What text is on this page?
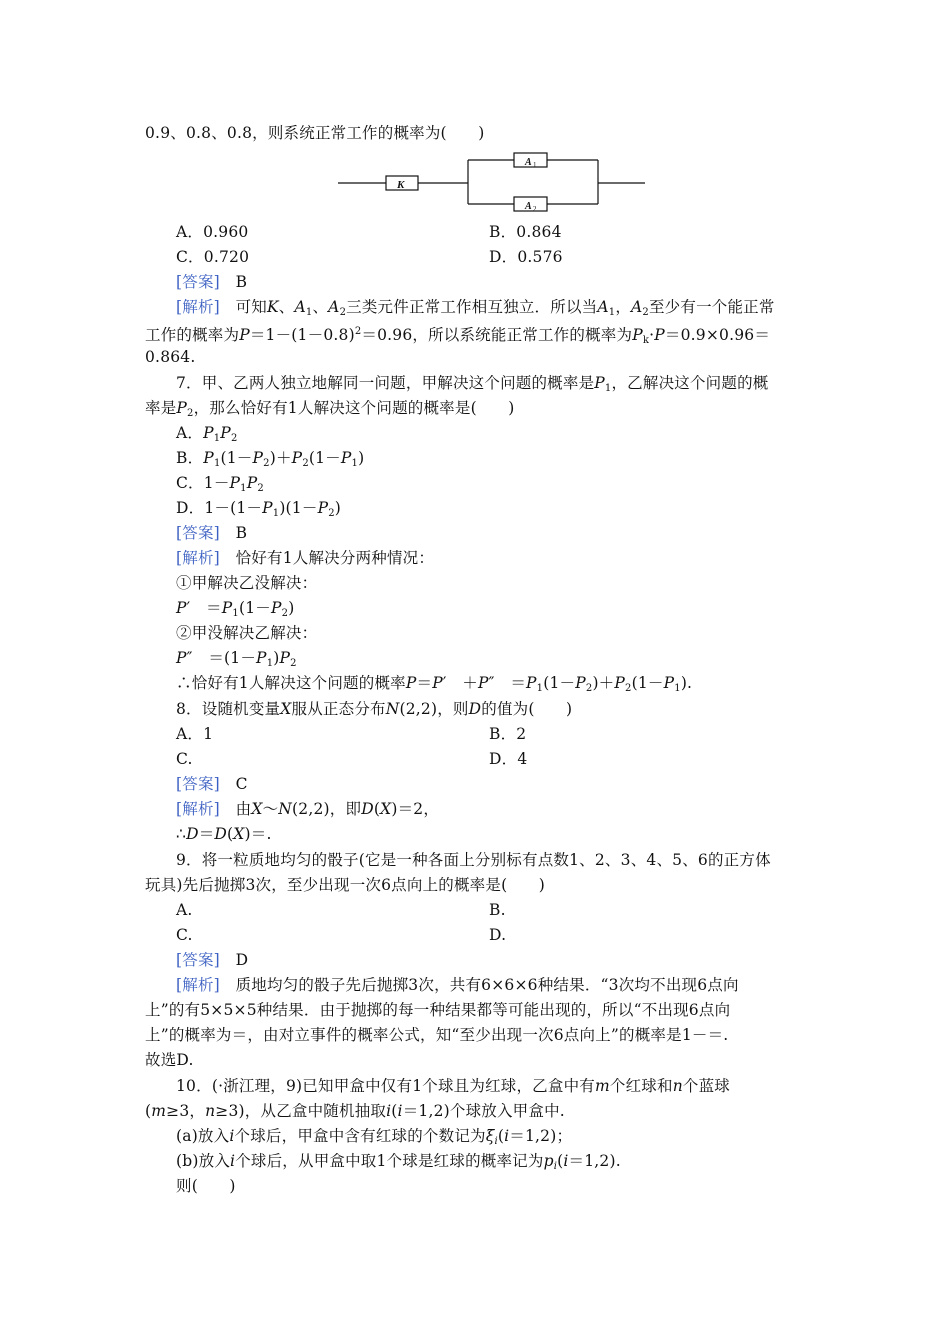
0.9、0.8、0.8，则系统正常工作的概率为(　　)
K
A 1
A 2
A．0.960	B．0.864
C．0.720	D．0.576
[答案]　 B
[解析]　可知K、$A_1$、$A_2$三类元件正常工作相互独立．所以当$A_1$，$A_2$至少有一个能正常
工作的概率为$P=1-(1-0.8)^2=0.96$，所以系统能正常工作的概率为$P_k\cdot P=0.9\times 0.96=$
0.864.
7．甲、乙两人独立地解同一问题，甲解决这个问题的概率是$P_1$，乙解决这个问题的概
率是$P_2$，那么恰好有1人解决这个问题的概率是(　　)
A．$P_1P_2$
B．$P_1(1-P_2)+P_2(1-P_1)$
C．$1-P_1P_2$
D．$1-(1-P_1)(1-P_2)$
[答案]　 B
[解析]　恰好有1人解决分两种情况：
①甲解决乙没解决：
P′　$=P_1(1-P_2)$
②甲没解决乙解决：
P″　$=(1-P_1)P_2$
∴恰好有1人解决这个问题的概率P＝P′　＋P″　$=P_1(1-P_2)+P_2(1-P_1)$.
8．设随机变量X服从正态分布N(2,2)，则D的值为(　　)
A．1	B．2
C.	D．4
[答案]　 C
[解析]　由X～N(2,2)，即D(X)＝2，
∴D＝D(X)＝.
9．将一粒质地均匀的骰子(它是一种各面上分别标有点数1、2、3、4、5、6的正方体
玩具)先后抛掷3次，至少出现一次6点向上的概率是(　　)
A.	B.
C.	D.
[答案]　 D
[解析]　质地均匀的骰子先后抛掷3次，共有6×6×6种结果．“3次均不出现6点向
上”的有5×5×5种结果．由于抛掷的每一种结果都等可能出现的，所以“不出现6点向
上”的概率为＝，由对立事件的概率公式，知“至少出现一次6点向上”的概率是1－＝.
故选D.
10．(·浙江理，9)已知甲盒中仅有1个球且为红球，乙盒中有m个红球和n个蓝球
(m≥3，n≥3)，从乙盒中随机抽取i(i＝1,2)个球放入甲盒中.
(a)放入i个球后，甲盒中含有红球的个数记为$\xi_i(i=1,2)$；
(b)放入i个球后，从甲盒中取1个球是红球的概率记为$p_i(i=1,2)$.
则(　　)
